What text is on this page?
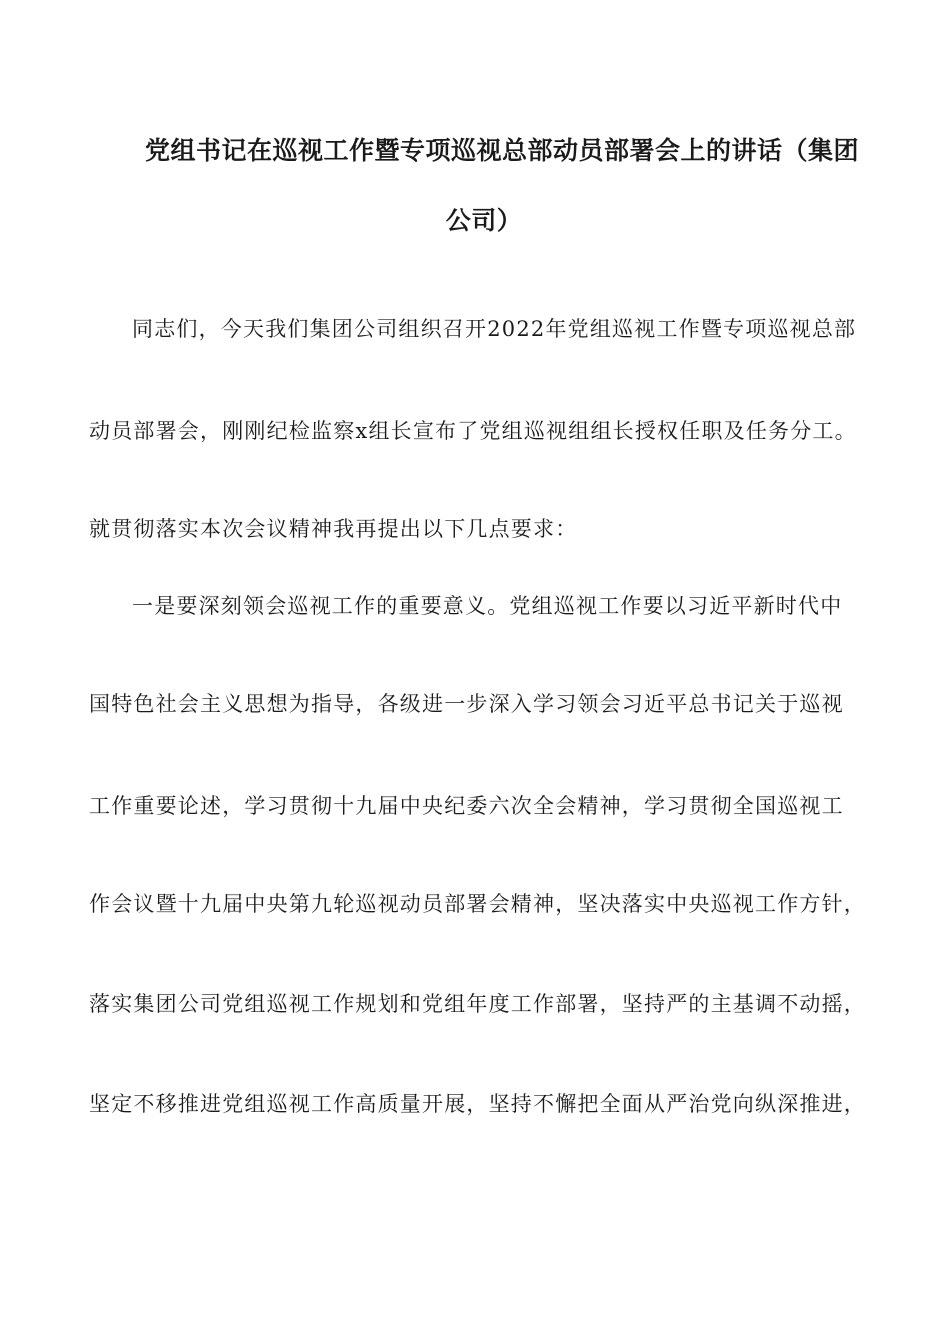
党组书记在巡视工作暨专项巡视总部动员部署会上的讲话（集团
公司）
同志们，今天我们集团公司组织召开2022年党组巡视工作暨专项巡视总部
动员部署会，刚刚纪检监察x组长宣布了党组巡视组组长授权任职及任务分工。
就贯彻落实本次会议精神我再提出以下几点要求：
一是要深刻领会巡视工作的重要意义。党组巡视工作要以习近平新时代中
国特色社会主义思想为指导，各级进一步深入学习领会习近平总书记关于巡视
工作重要论述，学习贯彻十九届中央纪委六次全会精神，学习贯彻全国巡视工
作会议暨十九届中央第九轮巡视动员部署会精神，坚决落实中央巡视工作方针，
落实集团公司党组巡视工作规划和党组年度工作部署，坚持严的主基调不动摇，
坚定不移推进党组巡视工作高质量开展，坚持不懈把全面从严治党向纵深推进，
